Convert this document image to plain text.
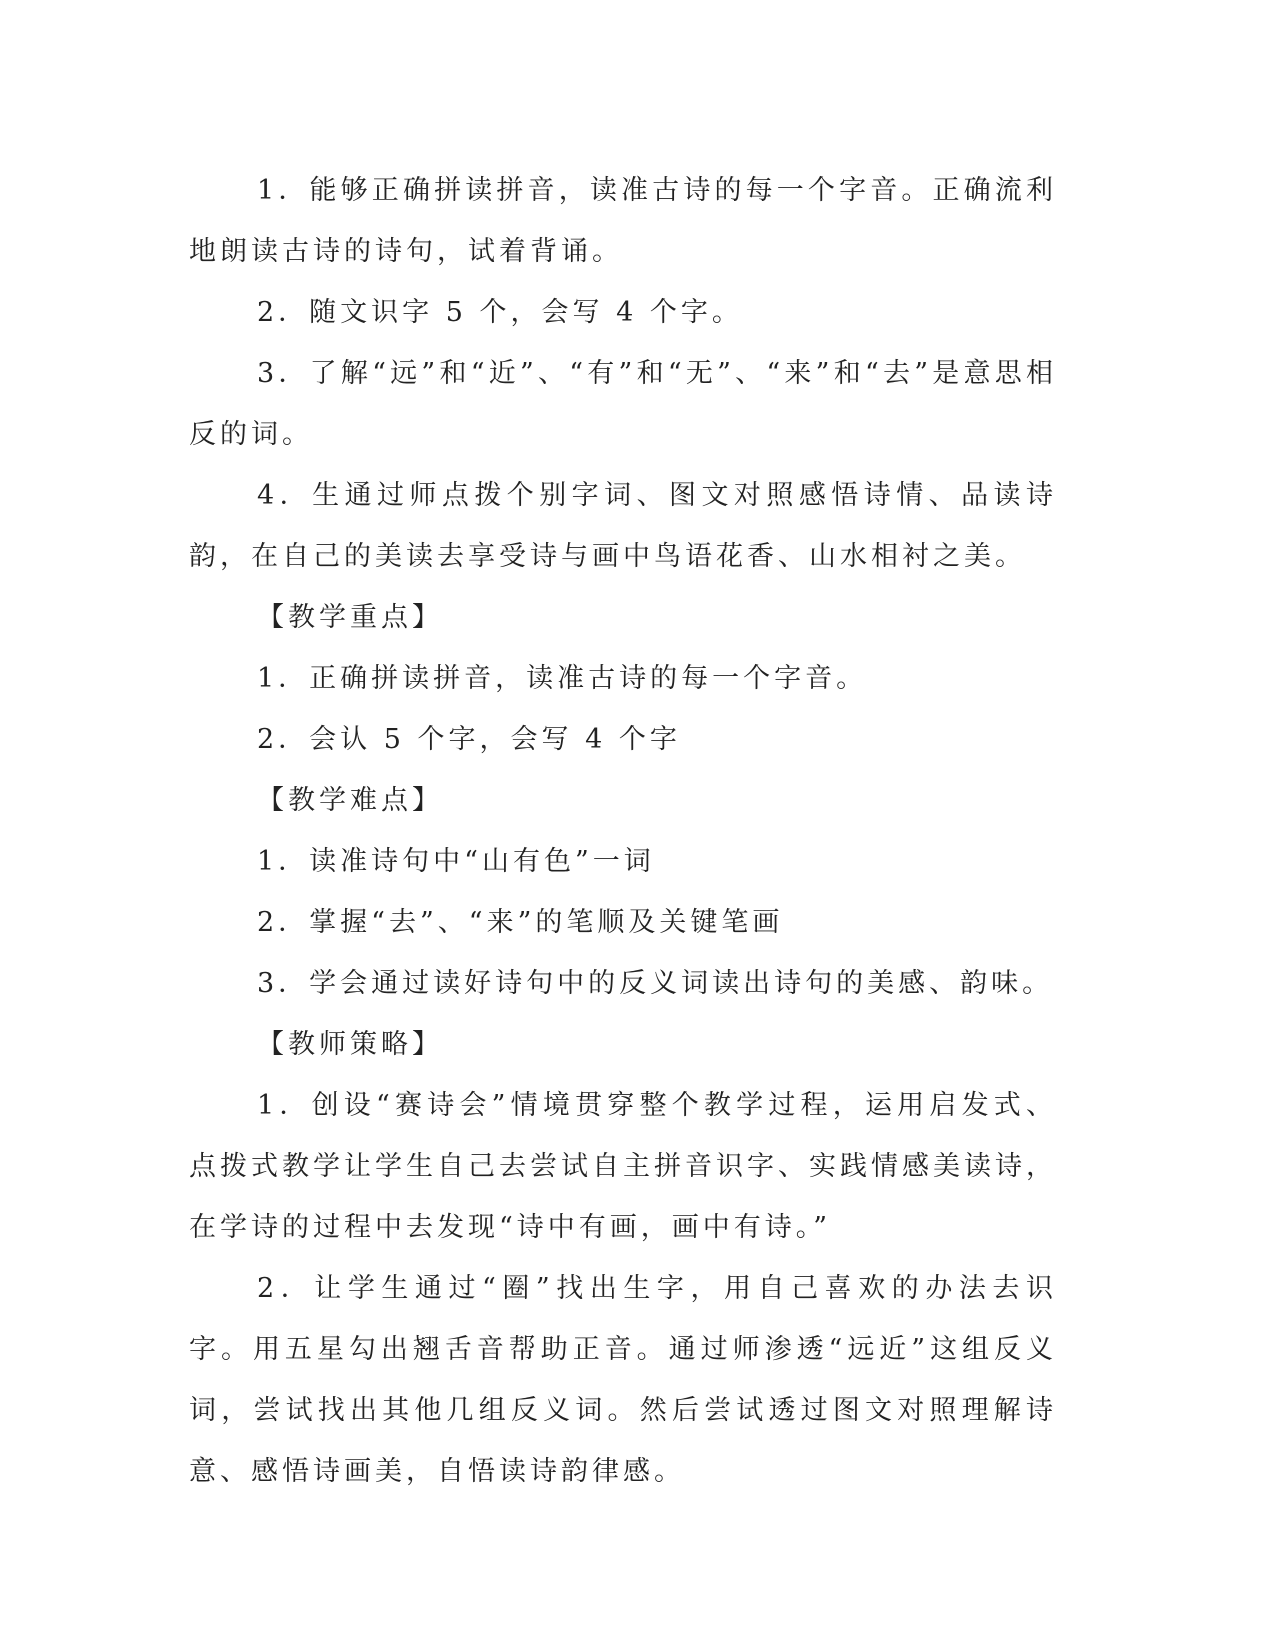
1．能够正确拼读拼音，读准古诗的每一个字音。正确流利地朗读古诗的诗句，试着背诵。

2．随文识字 5 个，会写 4 个字。

3．了解“远”和“近”、“有”和“无”、“来”和“去”是意思相反的词。

4．生通过师点拨个别字词、图文对照感悟诗情、品读诗韵，在自己的美读去享受诗与画中鸟语花香、山水相衬之美。

【教学重点】

1．正确拼读拼音，读准古诗的每一个字音。

2．会认 5 个字，会写 4 个字

【教学难点】

1．读准诗句中“山有色”一词

2．掌握“去”、“来”的笔顺及关键笔画

3．学会通过读好诗句中的反义词读出诗句的美感、韵味。

【教师策略】

1．创设“赛诗会”情境贯穿整个教学过程，运用启发式、点拨式教学让学生自己去尝试自主拼音识字、实践情感美读诗，在学诗的过程中去发现“诗中有画，画中有诗。”

2．让学生通过“圈”找出生字，用自己喜欢的办法去识字。用五星勾出翘舌音帮助正音。通过师渗透“远近”这组反义词，尝试找出其他几组反义词。然后尝试透过图文对照理解诗意、感悟诗画美，自悟读诗韵律感。
